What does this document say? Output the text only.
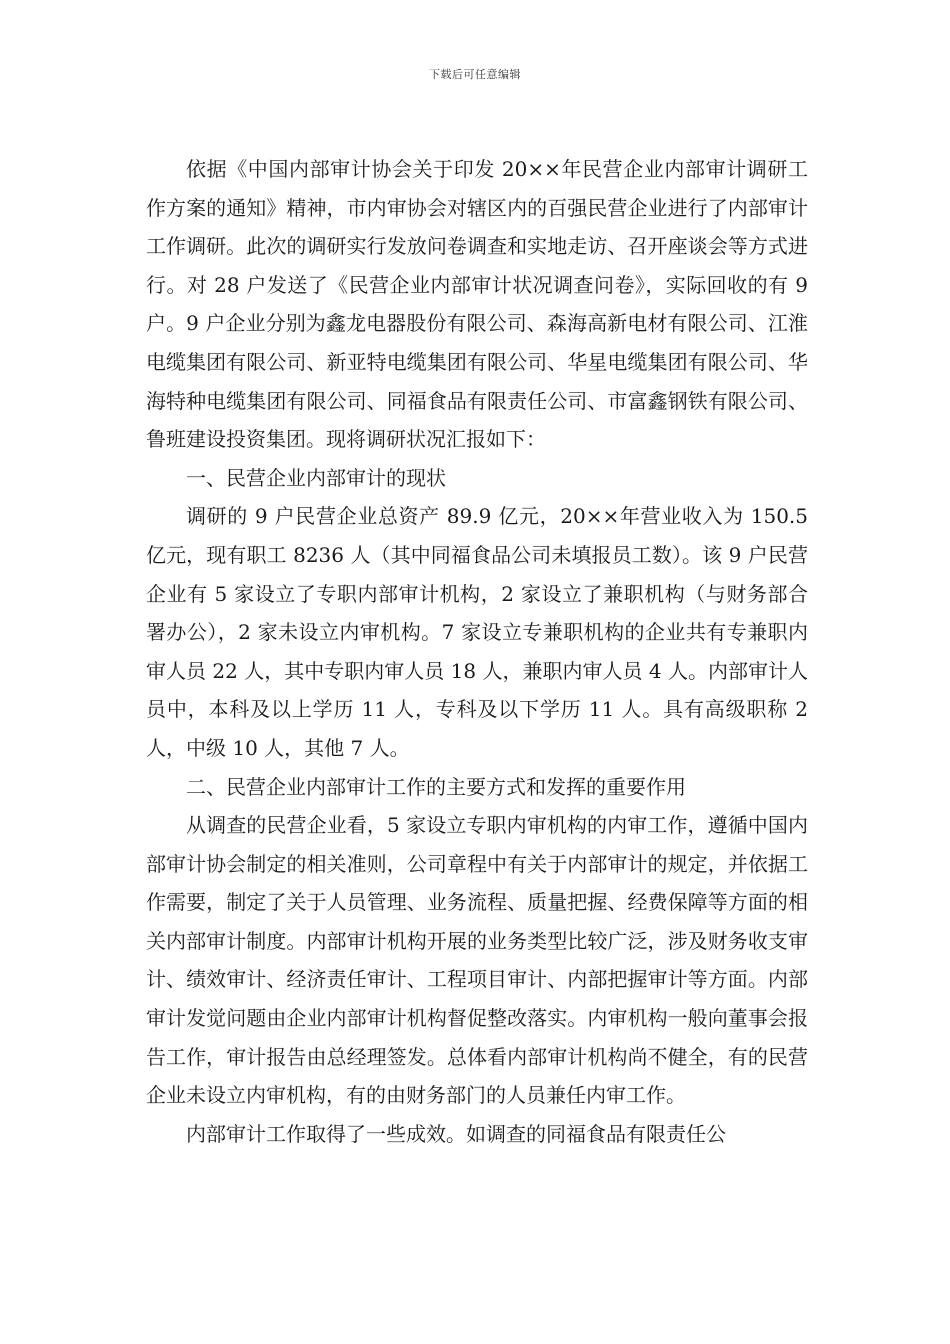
下载后可任意编辑

依据《中国内部审计协会关于印发 20××年民营企业内部审计调研工作方案的通知》精神，市内审协会对辖区内的百强民营企业进行了内部审计工作调研。此次的调研实行发放问卷调查和实地走访、召开座谈会等方式进行。对 28 户发送了《民营企业内部审计状况调查问卷》，实际回收的有 9 户。9 户企业分别为鑫龙电器股份有限公司、森海高新电材有限公司、江淮电缆集团有限公司、新亚特电缆集团有限公司、华星电缆集团有限公司、华海特种电缆集团有限公司、同福食品有限责任公司、市富鑫钢铁有限公司、鲁班建设投资集团。现将调研状况汇报如下：

一、民营企业内部审计的现状

调研的 9 户民营企业总资产 89.9 亿元，20××年营业收入为 150.5 亿元，现有职工 8236 人（其中同福食品公司未填报员工数）。该 9 户民营企业有 5 家设立了专职内部审计机构，2 家设立了兼职机构（与财务部合署办公），2 家未设立内审机构。7 家设立专兼职机构的企业共有专兼职内审人员 22 人，其中专职内审人员 18 人，兼职内审人员 4 人。内部审计人员中，本科及以上学历 11 人，专科及以下学历 11 人。具有高级职称 2 人，中级 10 人，其他 7 人。

二、民营企业内部审计工作的主要方式和发挥的重要作用

从调查的民营企业看，5 家设立专职内审机构的内审工作，遵循中国内部审计协会制定的相关准则，公司章程中有关于内部审计的规定，并依据工作需要，制定了关于人员管理、业务流程、质量把握、经费保障等方面的相关内部审计制度。内部审计机构开展的业务类型比较广泛，涉及财务收支审计、绩效审计、经济责任审计、工程项目审计、内部把握审计等方面。内部审计发觉问题由企业内部审计机构督促整改落实。内审机构一般向董事会报告工作，审计报告由总经理签发。总体看内部审计机构尚不健全，有的民营企业未设立内审机构，有的由财务部门的人员兼任内审工作。

内部审计工作取得了一些成效。如调查的同福食品有限责任公
